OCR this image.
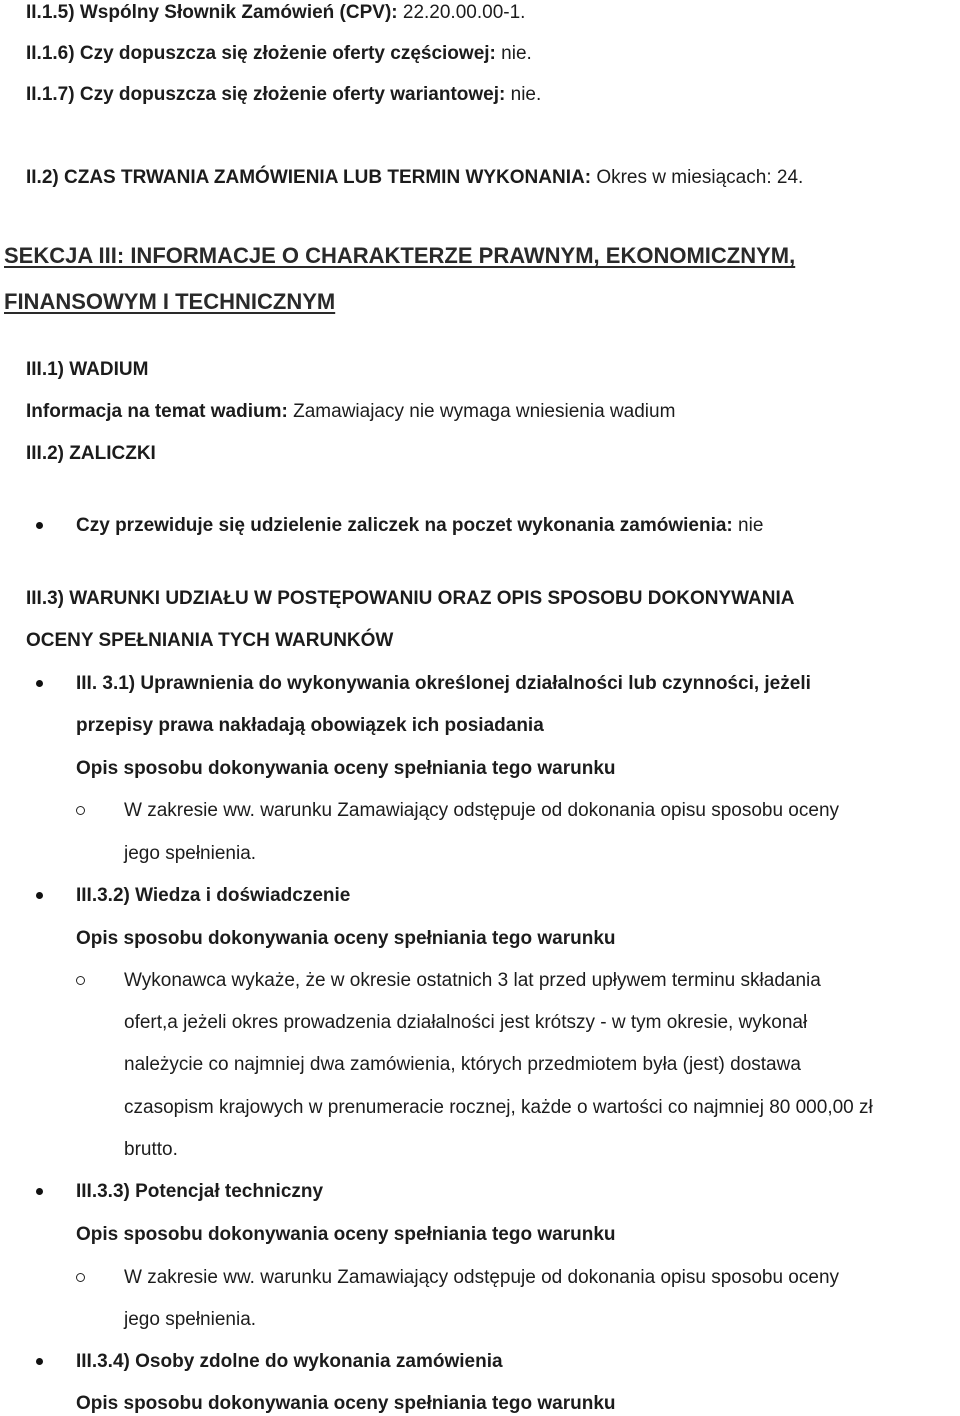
II.1.5) Wspólny Słownik Zamówień (CPV): 22.20.00.00-1.
II.1.6) Czy dopuszcza się złożenie oferty częściowej: nie.
II.1.7) Czy dopuszcza się złożenie oferty wariantowej: nie.
II.2) CZAS TRWANIA ZAMÓWIENIA LUB TERMIN WYKONANIA: Okres w miesiącach: 24.
SEKCJA III: INFORMACJE O CHARAKTERZE PRAWNYM, EKONOMICZNYM,
FINANSOWYM I TECHNICZNYM
III.1) WADIUM
Informacja na temat wadium: Zamawiajacy nie wymaga wniesienia wadium
III.2) ZALICZKI
Czy przewiduje się udzielenie zaliczek na poczet wykonania zamówienia: nie
III.3) WARUNKI UDZIAŁU W POSTĘPOWANIU ORAZ OPIS SPOSOBU DOKONYWANIA
OCENY SPEŁNIANIA TYCH WARUNKÓW
III. 3.1) Uprawnienia do wykonywania określonej działalności lub czynności, jeżeli
przepisy prawa nakładają obowiązek ich posiadania
Opis sposobu dokonywania oceny spełniania tego warunku
W zakresie ww. warunku Zamawiający odstępuje od dokonania opisu sposobu oceny
jego spełnienia.
III.3.2) Wiedza i doświadczenie
Opis sposobu dokonywania oceny spełniania tego warunku
Wykonawca wykaże, że w okresie ostatnich 3 lat przed upływem terminu składania
ofert,a jeżeli okres prowadzenia działalności jest krótszy - w tym okresie, wykonał
należycie co najmniej dwa zamówienia, których przedmiotem była (jest) dostawa
czasopism krajowych w prenumeracie rocznej, każde o wartości co najmniej 80 000,00 zł
brutto.
III.3.3) Potencjał techniczny
Opis sposobu dokonywania oceny spełniania tego warunku
W zakresie ww. warunku Zamawiający odstępuje od dokonania opisu sposobu oceny
jego spełnienia.
III.3.4) Osoby zdolne do wykonania zamówienia
Opis sposobu dokonywania oceny spełniania tego warunku
